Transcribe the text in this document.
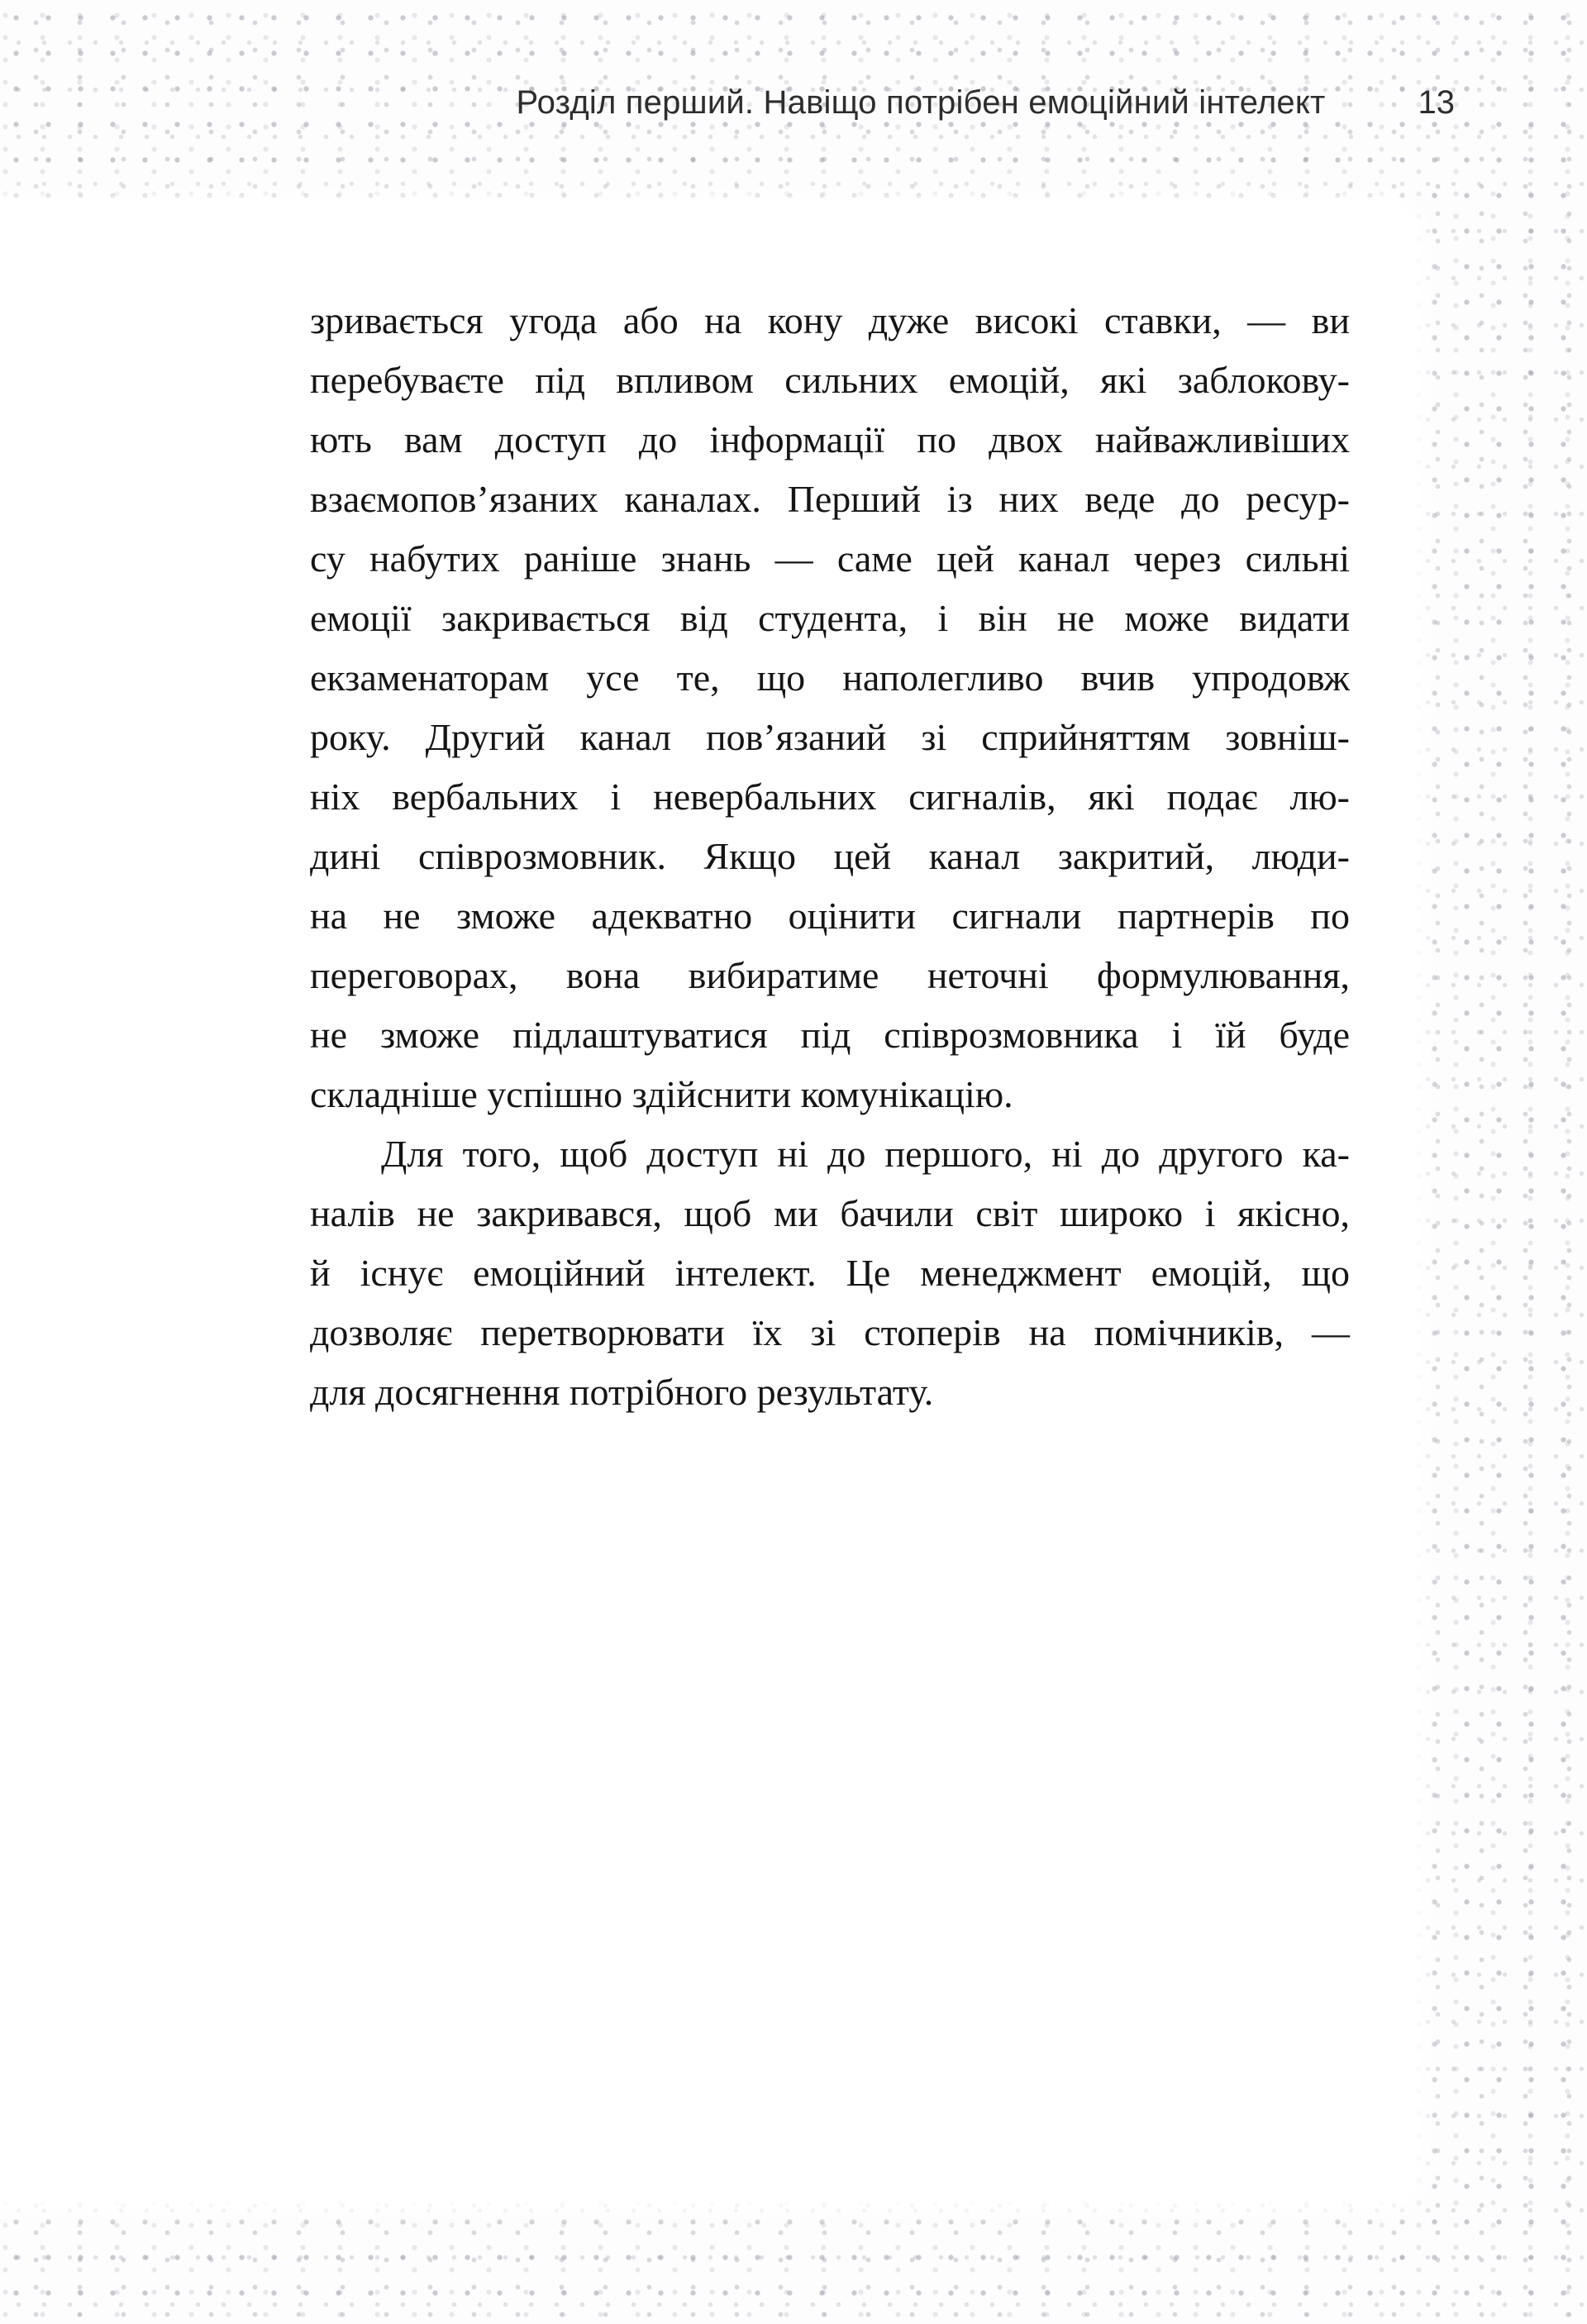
Розділ перший. Навіщо потрібен емоційний інтелект	13
зривається угода або на кону дуже високі ставки, — ви
перебуваєте під впливом сильних емоцій, які заблокову-
ють вам доступ до інформації по двох найважливіших
взаємопов’язаних каналах. Перший із них веде до ресур-
су набутих раніше знань — саме цей канал через сильні
емоції закривається від студента, і він не може видати
екзаменаторам усе те, що наполегливо вчив упродовж
року. Другий канал пов’язаний зі сприйняттям зовніш-
ніх вербальних і невербальних сигналів, які подає лю-
дині співрозмовник. Якщо цей канал закритий, люди-
на не зможе адекватно оцінити сигнали партнерів по
переговорах, вона вибиратиме неточні формулювання,
не зможе підлаштуватися під співрозмовника і їй буде
складніше успішно здійснити комунікацію.
Для того, щоб доступ ні до першого, ні до другого ка-
налів не закривався, щоб ми бачили світ широко і якісно,
й існує емоційний інтелект. Це менеджмент емоцій, що
дозволяє перетворювати їх зі стоперів на помічників, —
для досягнення потрібного результату.
